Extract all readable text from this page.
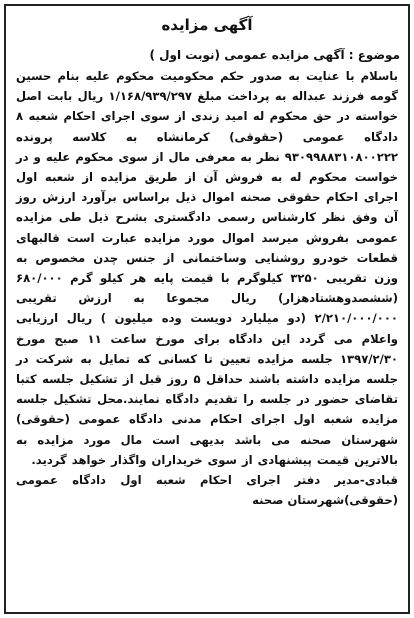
آگهی مزایده

موضوع : آگهی مزایده عمومی (نوبت اول )

باسلام با عنایت به صدور حکم محکومیت محکوم علیه بنام حسین گومه فرزند عبداله به پرداخت مبلغ ۱/۱۶۸/۹۳۹/۲۹۷ ریال بابت اصل خواسته در حق محکوم له امید زندی از سوی اجرای احکام شعبه ۸ دادگاه عمومی (حقوقی) کرمانشاه به کلاسه پرونده ۹۳۰۹۹۸۸۳۱۰۸۰۰۲۲۲ نظر به معرفی مال از سوی محکوم علیه و در خواست محکوم له به فروش آن از طریق مزایده از شعبه اول اجرای احکام حقوقی صحنه اموال ذیل براساس برآورد ارزش روز آن وفق نظر کارشناس رسمی دادگستری بشرح ذیل طی مزایده عمومی بفروش میرسد اموال مورد مزایده عبارت است قالبهای قطعات خودرو روشنایی وساختمانی از جنس چدن مخصوص به وزن تقریبی ۳۲۵۰ کیلوگرم با قیمت پایه هر کیلو گرم ۶۸۰/۰۰۰ (ششصدوهشتادهزار) ریال مجموعا به ارزش تقریبی ۲/۲۱۰/۰۰۰/۰۰۰ (دو میلیارد دویست وده میلیون ) ریال ارزیابی واعلام می گردد این دادگاه برای مورخ ساعت ۱۱ صبح مورخ ۱۳۹۷/۲/۳۰ جلسه مزایده تعیین تا کسانی که تمایل به شرکت در جلسه مزایده داشته باشند حداقل ۵ روز قبل از تشکیل جلسه کتبا تقاضای حضور در جلسه را تقدیم دادگاه نمایند.محل تشکیل جلسه مزایده شعبه اول اجرای احکام مدنی دادگاه عمومی (حقوقی) شهرستان صحنه می باشد بدیهی است مال مورد مزایده به بالاترین قیمت پیشنهادی از سوی خریداران واگذار خواهد گردید.

قبادی-مدیر دفتر اجرای احکام شعبه اول دادگاه عمومی (حقوقی)شهرستان صحنه
